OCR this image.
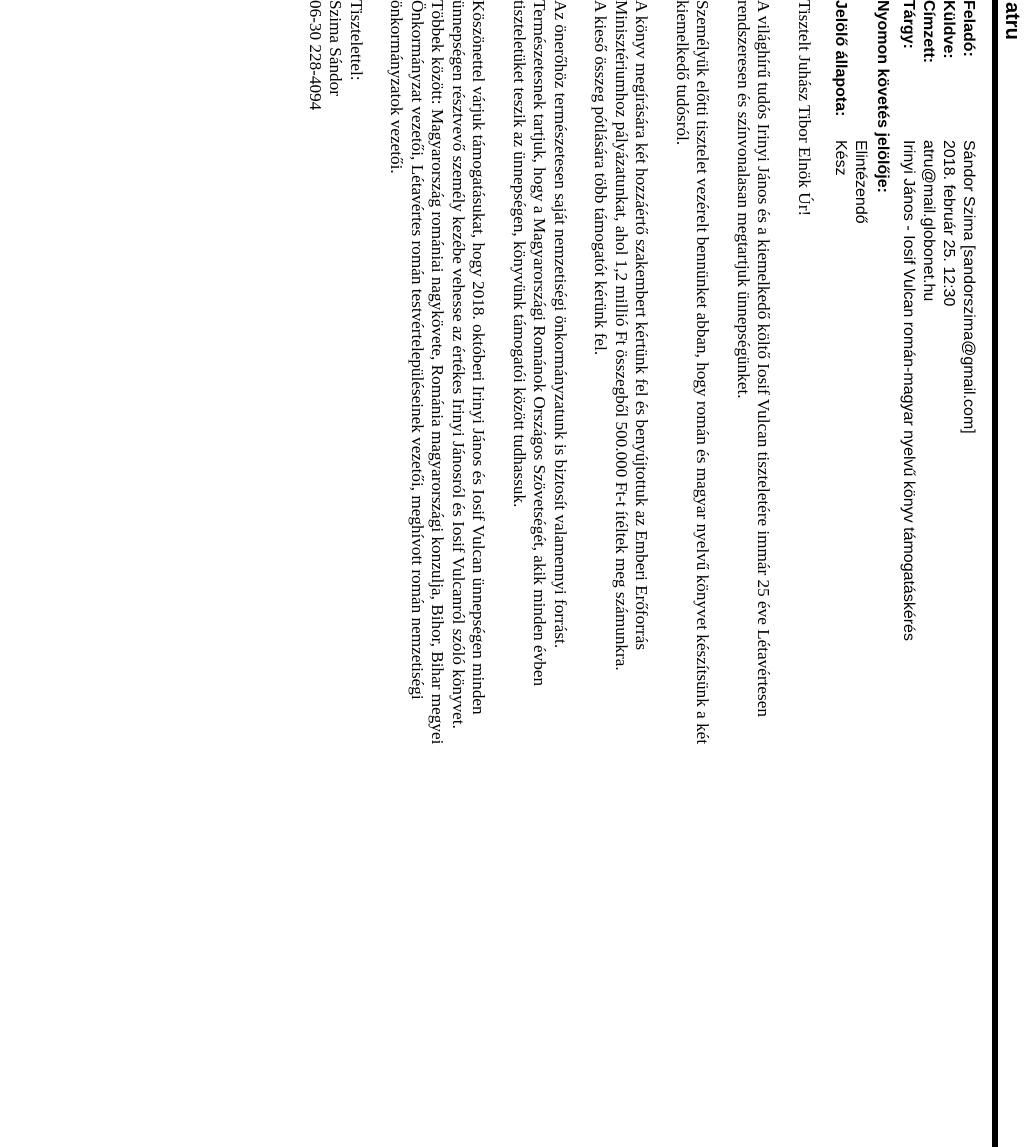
atru
Feladó:Sándor Szima [sandorszima@gmail.com]
Küldve:2018. február 25. 12:30
Címzett:atru@mail.globonet.hu
Tárgy:Irinyi János - Iosif Vulcan román-magyar nyelvű könyv támogatáskérés
Nyomon követés jelölője:
Elintézendő
Jelölő állapota:Kész

Tisztelt Juhász Tibor Elnök Úr!

A világhírű tudós Irinyi János és a kiemelkedő költő Iosif Vulcan tiszteletére immár 25 éve Létavértesen
rendszeresen és színvonalasan megtartjuk ünnepségünket.

Személyük előtti tisztelet vezérelt bennünket abban, hogy román és magyar nyelvű könyvet készítsünk a két
kiemelkedő tudósról.

A könyv megírására két hozzáértő szakembert kértünk fel és benyújtottuk az Emberi Erőforrás
Minisztériumhoz pályázatunkat, ahol 1,2 millió Ft összegből 500.000 Ft-t ítéltek meg számunkra.
A kieső összeg pótlására több támogatót kérünk fel.

Az önerőhöz természetesen saját nemzetiségi önkormányzatunk is biztosít valamennyi forrást.
Természetesnek tartjuk, hogy a Magyarországi Románok Országos Szövetségét, akik minden évben
tiszteletüket teszik az ünnepségen, könyvünk támogatói között tudhassuk.

Köszönettel várjuk támogatásukat, hogy 2018. októberi Irinyi János és Iosif Vulcan ünnepségen minden
ünnepségen résztvevő személy kezébe vehesse az értékes Irinyi Jánosról és Iosif Vulcanról szóló könyvet.
Többek között: Magyarország romániai nagykövete, Románia magyarországi konzulja, Bihor, Bihar megyei
Önkormányzat vezetői, Létavértes román testvértelepüléseinek vezetői, meghívott román nemzetiségi
önkormányzatok vezetői.

Tisztelettel:
Szima Sándor
06-30 228-4094
